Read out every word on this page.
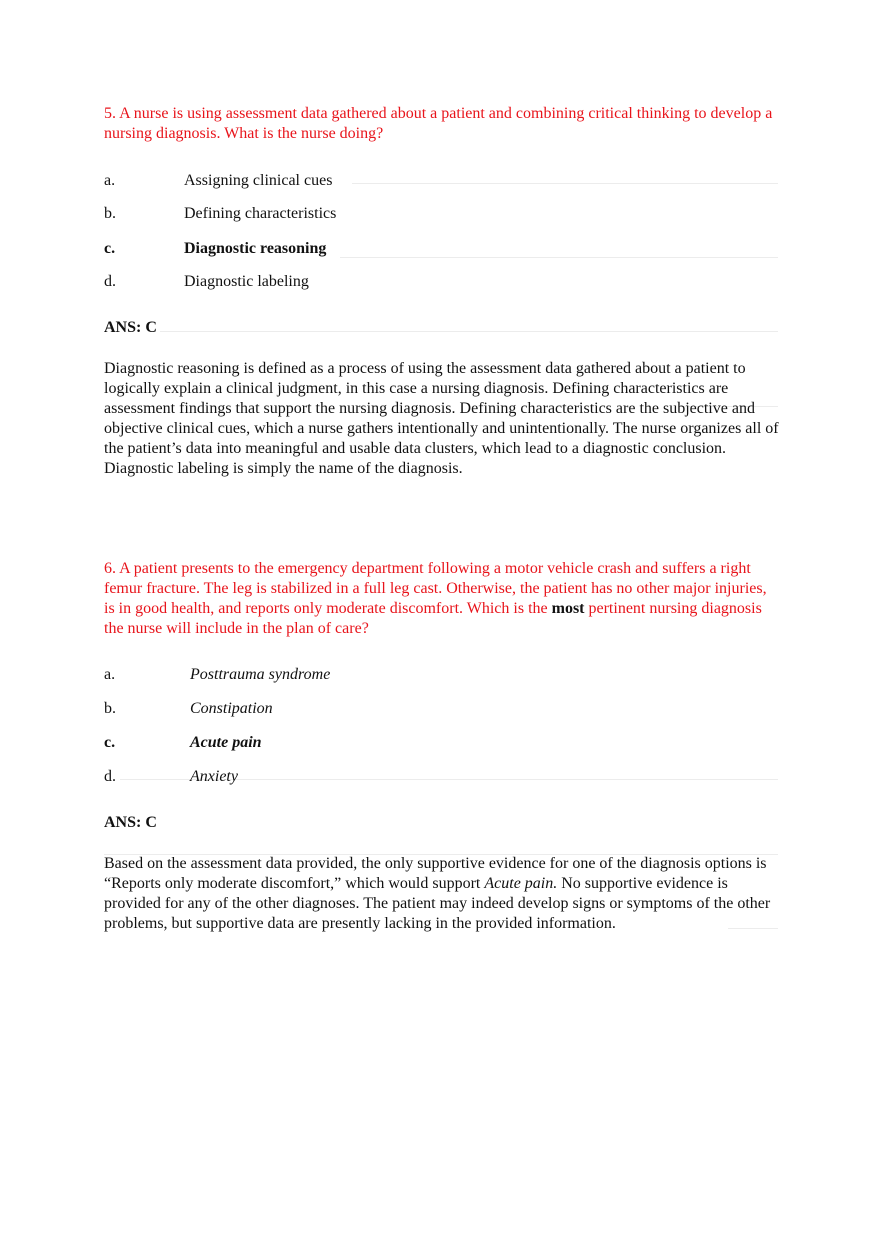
5. A nurse is using assessment data gathered about a patient and combining critical thinking to develop a nursing diagnosis. What is the nurse doing?
a.	Assigning clinical cues
b.	Defining characteristics
c.	Diagnostic reasoning
d.	Diagnostic labeling
ANS: C
Diagnostic reasoning is defined as a process of using the assessment data gathered about a patient to logically explain a clinical judgment, in this case a nursing diagnosis. Defining characteristics are assessment findings that support the nursing diagnosis. Defining characteristics are the subjective and objective clinical cues, which a nurse gathers intentionally and unintentionally. The nurse organizes all of the patient’s data into meaningful and usable data clusters, which lead to a diagnostic conclusion. Diagnostic labeling is simply the name of the diagnosis.
6. A patient presents to the emergency department following a motor vehicle crash and suffers a right femur fracture. The leg is stabilized in a full leg cast. Otherwise, the patient has no other major injuries, is in good health, and reports only moderate discomfort. Which is the most pertinent nursing diagnosis the nurse will include in the plan of care?
a.	Posttrauma syndrome
b.	Constipation
c.	Acute pain
d.	Anxiety
ANS: C
Based on the assessment data provided, the only supportive evidence for one of the diagnosis options is “Reports only moderate discomfort,” which would support Acute pain. No supportive evidence is provided for any of the other diagnoses. The patient may indeed develop signs or symptoms of the other problems, but supportive data are presently lacking in the provided information.
